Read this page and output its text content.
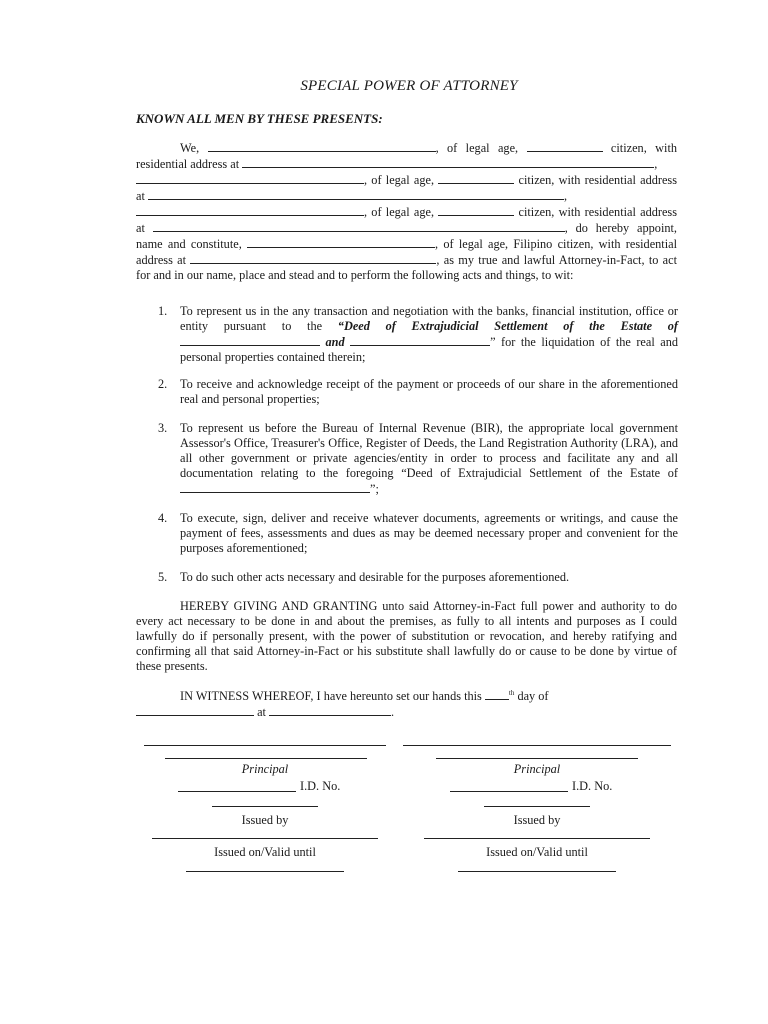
SPECIAL POWER OF ATTORNEY
KNOWN ALL MEN BY THESE PRESENTS:
We,	, of legal age,	citizen, with residential address at	,
, of legal age,	citizen, with residential address at	,
, of legal age,	citizen, with residential address at	, do hereby appoint, name and constitute,	, of legal age, Filipino citizen, with residential address at	, as my true and lawful Attorney-in-Fact, to act for and in our name, place and stead and to perform the following acts and things, to wit:
1.	To represent us in the any transaction and negotiation with the banks, financial institution, office or entity pursuant to the “Deed of Extrajudicial Settlement of the Estate of  and	” for the liquidation of the real and personal properties contained therein;
2.	To receive and acknowledge receipt of the payment or proceeds of our share in the aforementioned real and personal properties;
3.	To represent us before the Bureau of Internal Revenue (BIR), the appropriate local government Assessor's Office, Treasurer's Office, Register of Deeds, the Land Registration Authority (LRA), and all other government or private agencies/entity in order to process and facilitate any and all documentation relating to the foregoing “Deed of Extrajudicial Settlement of the Estate of ”;
4.	To execute, sign, deliver and receive whatever documents, agreements or writings, and cause the payment of fees, assessments and dues as may be deemed necessary proper and convenient for the purposes aforementioned;
5.	To do such other acts necessary and desirable for the purposes aforementioned.
HEREBY GIVING AND GRANTING unto said Attorney-in-Fact full power and authority to do every act necessary to be done in and about the premises, as fully to all intents and purposes as I could lawfully do if personally present, with the power of substitution or revocation, and hereby ratifying and confirming all that said Attorney-in-Fact or his substitute shall lawfully do or cause to be done by virtue of these presents.
IN WITNESS WHEREOF, I have hereunto set our hands this	$^{th}$ day of
at	.
Principal
I.D. No.
Issued by
Issued on/Valid until
Principal
I.D. No.
Issued by
Issued on/Valid until
